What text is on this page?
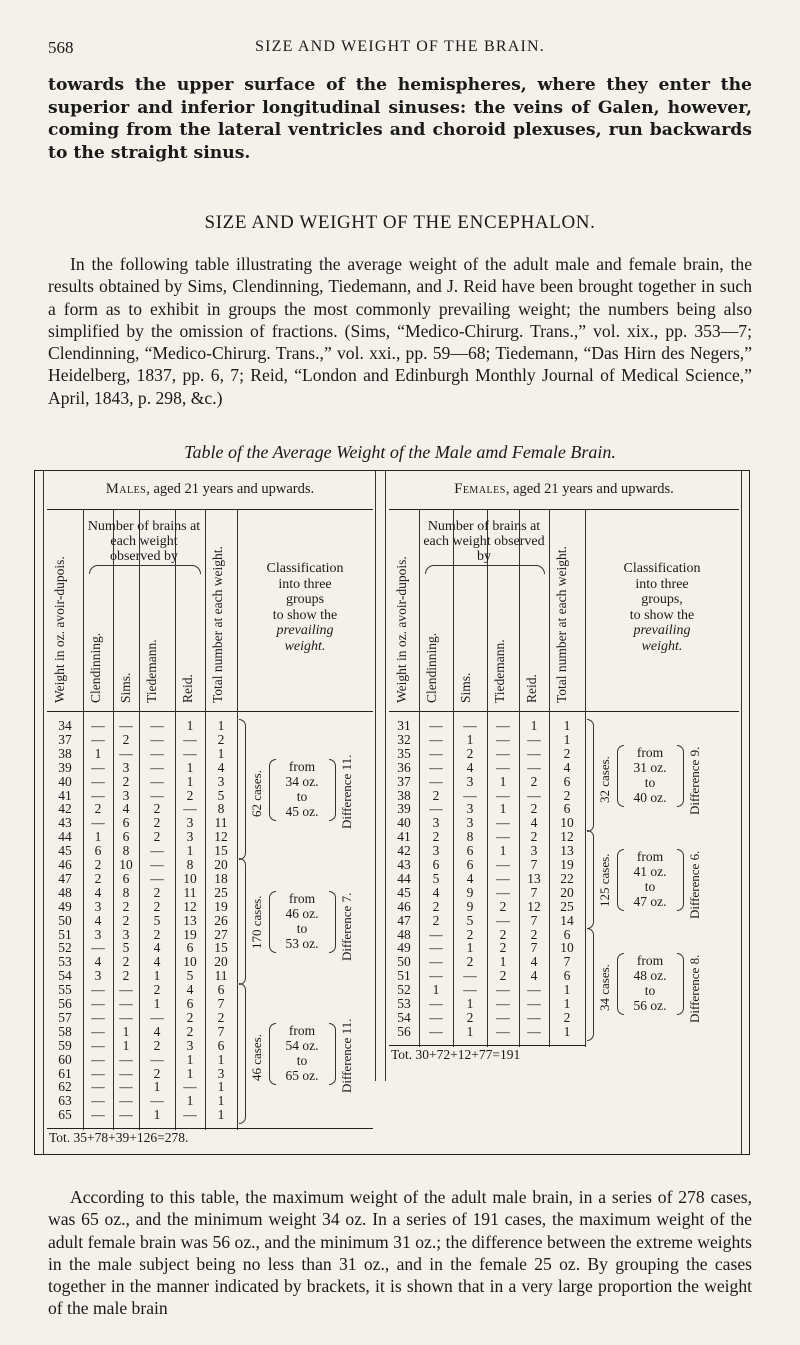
568	SIZE AND WEIGHT OF THE BRAIN.
towards the upper surface of the hemispheres, where they enter the superior and inferior longitudinal sinuses: the veins of Galen, however, coming from the lateral ventricles and choroid plexuses, run backwards to the straight sinus.
SIZE AND WEIGHT OF THE ENCEPHALON.
In the following table illustrating the average weight of the adult male and female brain, the results obtained by Sims, Clendinning, Tiedemann, and J. Reid have been brought together in such a form as to exhibit in groups the most commonly prevailing weight; the numbers being also simplified by the omission of fractions. (Sims, “Medico-Chirurg. Trans.,” vol. xix., pp. 353—7; Clendinning, “Medico-Chirurg. Trans.,” vol. xxi., pp. 59—68; Tiedemann, “Das Hirn des Negers,” Heidelberg, 1837, pp. 6, 7; Reid, “London and Edinburgh Monthly Journal of Medical Science,” April, 1843, p. 298, &c.)
Table of the Average Weight of the Male amd Female Brain.
Males, aged 21 years and upwards.
Weight in oz. avoir-dupois. Clendinning. Sims. Tiedemann. Reid. Total number at each weight.
Number of brains at each weight observed by
Classification
into three
groups
to show the
prevailing
weight.
34	—	—	—	1	1
37	—	2	—	—	2
38	1	—	—	—	1
39	—	3	—	1	4
40	—	2	—	1	3
41	—	3	—	2	5
42	2	4	2	—	8
43	—	6	2	3	11
44	1	6	2	3	12
45	6	8	—	1	15
46	2	10	—	8	20
47	2	6	—	10	18
48	4	8	2	11	25
49	3	2	2	12	19
50	4	2	5	13	26
51	3	3	2	19	27
52	—	5	4	6	15
53	4	2	4	10	20
54	3	2	1	5	11
55	—	—	2	4	6
56	—	—	1	6	7
57	—	—	—	2	2
58	—	1	4	2	7
59	—	1	2	3	6
60	—	—	—	1	1
61	—	—	2	1	3
62	—	—	1	—	1
63	—	—	—	1	1
65	—	—	1	—	1
Tot. 35+78+39+126=278.
62 cases.
from
34 oz.
to
45 oz.	Difference 11.
170 cases.	from
46 oz.
to
53 oz.	Difference 7.
46 cases.
from
54 oz.
to
65 oz.	Difference 11.
Females, aged 21 years and upwards.
Weight in oz. avoir-dupois. Clendinning. Sims. Tiedemann. Reid. Total number at each weight.
Number of brains at each weight observed by
Classification
into three
groups,
to show the
prevailing
weight.
31	—	—	—	1	1
32	—	1	—	—	1
35	—	2	—	—	2
36	—	4	—	—	4
37	—	3	1	2	6
38	2	—	—	—	2
39	—	3	1	2	6
40	3	3	—	4	10
41	2	8	—	2	12
42	3	6	1	3	13
43	6	6	—	7	19
44	5	4	—	13	22
45	4	9	—	7	20
46	2	9	2	12	25
47	2	5	—	7	14
48	—	2	2	2	6
49	—	1	2	7	10
50	—	2	1	4	7
51	—	—	2	4	6
52	1	—	—	—	1
53	—	1	—	—	1
54	—	2	—	—	2
56	—	1	—	—	1
Tot. 30+72+12+77=191
32 cases.
from
31 oz.
to
40 oz.	Difference 9.
125 cases.	from
41 oz.
to
47 oz.	Difference 6.
34 cases.
from
48 oz.
to
56 oz.	Difference 8.
According to this table, the maximum weight of the adult male brain, in a series of 278 cases, was 65 oz., and the minimum weight 34 oz. In a series of 191 cases, the maximum weight of the adult female brain was 56 oz., and the minimum 31 oz.; the difference between the extreme weights in the male subject being no less than 31 oz., and in the female 25 oz. By grouping the cases together in the manner indicated by brackets, it is shown that in a very large proportion the weight of the male brain
